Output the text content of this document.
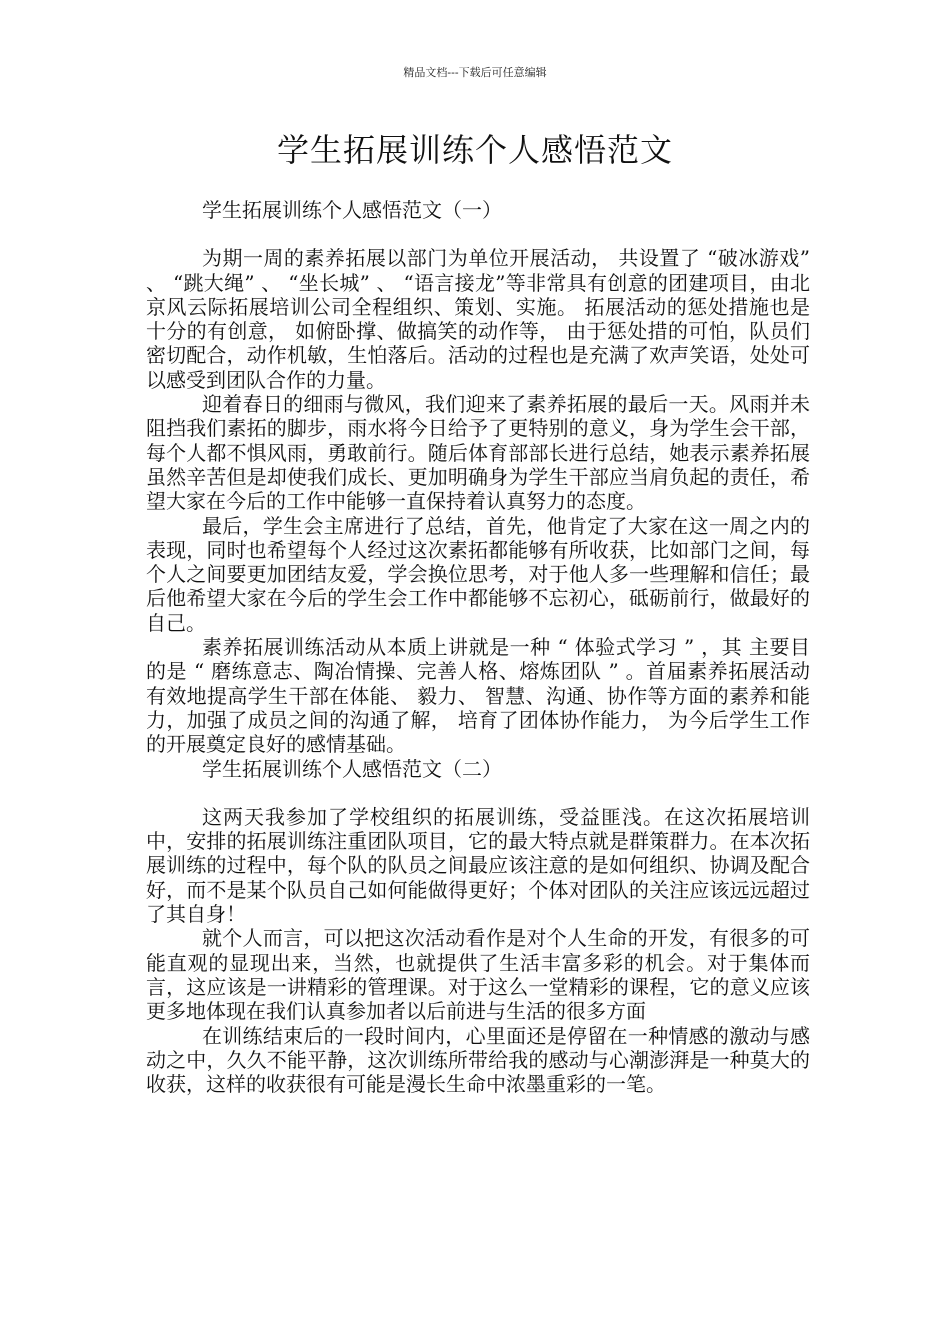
精品文档---下载后可任意编辑
学生拓展训练个人感悟范文

学生拓展训练个人感悟范文（一）

为期一周的素养拓展以部门为单位开展活动， 共设置了 “破冰游戏” 、 “跳大绳” 、 “坐长城” 、 “语言接龙”等非常具有创意的团建项目，由北京风云际拓展培训公司全程组织、策划、实施。 拓展活动的惩处措施也是十分的有创意， 如俯卧撑、做搞笑的动作等， 由于惩处措的可怕，队员们密切配合，动作机敏，生怕落后。活动的过程也是充满了欢声笑语，处处可以感受到团队合作的力量。

迎着春日的细雨与微风，我们迎来了素养拓展的最后一天。风雨并未阻挡我们素拓的脚步，雨水将今日给予了更特别的意义，身为学生会干部，每个人都不惧风雨，勇敢前行。随后体育部部长进行总结，她表示素养拓展虽然辛苦但是却使我们成长、更加明确身为学生干部应当肩负起的责任，希望大家在今后的工作中能够一直保持着认真努力的态度。

最后，学生会主席进行了总结，首先，他肯定了大家在这一周之内的表现，同时也希望每个人经过这次素拓都能够有所收获，比如部门之间，每个人之间要更加团结友爱，学会换位思考，对于他人多一些理解和信任；最后他希望大家在今后的学生会工作中都能够不忘初心，砥砺前行，做最好的自己。

素养拓展训练活动从本质上讲就是一种 “ 体验式学习 ” ，其 主要目的是 “ 磨练意志、陶冶情操、完善人格、熔炼团队 ” 。首届素养拓展活动有效地提高学生干部在体能、 毅力、 智慧、沟通、协作等方面的素养和能力，加强了成员之间的沟通了解， 培育了团体协作能力， 为今后学生工作的开展奠定良好的感情基础。

学生拓展训练个人感悟范文（二）

这两天我参加了学校组织的拓展训练，受益匪浅。在这次拓展培训中，安排的拓展训练注重团队项目，它的最大特点就是群策群力。在本次拓展训练的过程中，每个队的队员之间最应该注意的是如何组织、协调及配合好，而不是某个队员自己如何能做得更好；个体对团队的关注应该远远超过了其自身！

就个人而言，可以把这次活动看作是对个人生命的开发，有很多的可能直观的显现出来，当然，也就提供了生活丰富多彩的机会。对于集体而言，这应该是一讲精彩的管理课。对于这么一堂精彩的课程，它的意义应该更多地体现在我们认真参加者以后前进与生活的很多方面

在训练结束后的一段时间内，心里面还是停留在一种情感的激动与感动之中，久久不能平静，这次训练所带给我的感动与心潮澎湃是一种莫大的收获，这样的收获很有可能是漫长生命中浓墨重彩的一笔。
